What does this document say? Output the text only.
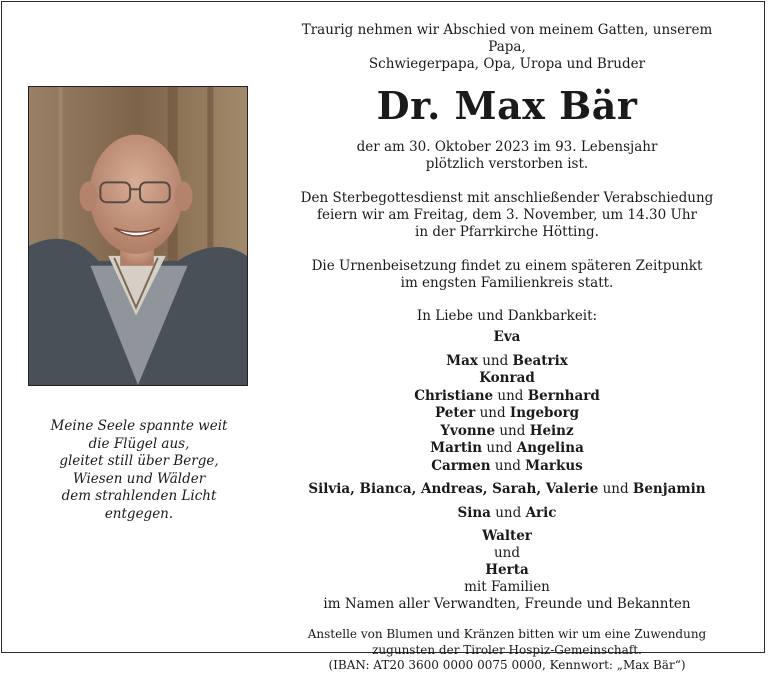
Meine Seele spannte weit
die Flügel aus,
gleitet still über Berge,
Wiesen und Wälder
dem strahlenden Licht
entgegen.
Traurig nehmen wir Abschied von meinem Gatten, unserem Papa,
Schwiegerpapa, Opa, Uropa und Bruder
Dr. Max Bär
der am 30. Oktober 2023 im 93. Lebensjahr
plötzlich verstorben ist.
Den Sterbegottesdienst mit anschließender Verabschiedung
feiern wir am Freitag, dem 3. November, um 14.30 Uhr
in der Pfarrkirche Hötting.
Die Urnenbeisetzung findet zu einem späteren Zeitpunkt
im engsten Familienkreis statt.
In Liebe und Dankbarkeit:
Eva
Max und Beatrix
Konrad
Christiane und Bernhard
Peter und Ingeborg
Yvonne und Heinz
Martin und Angelina
Carmen und Markus
Silvia, Bianca, Andreas, Sarah, Valerie und Benjamin
Sina und Aric
Walter
und
Herta
mit Familien
im Namen aller Verwandten, Freunde und Bekannten
Anstelle von Blumen und Kränzen bitten wir um eine Zuwendung
zugunsten der Tiroler Hospiz-Gemeinschaft.
(IBAN: AT20 3600 0000 0075 0000, Kennwort: „Max Bär“)
